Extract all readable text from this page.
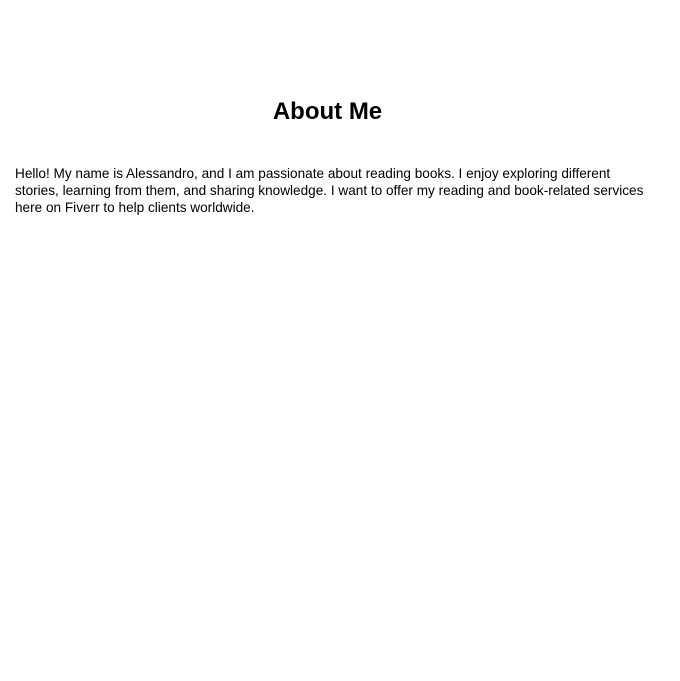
About Me

Hello! My name is Alessandro, and I am passionate about reading books. I enjoy exploring different stories, learning from them, and sharing knowledge. I want to offer my reading and book-related services here on Fiverr to help clients worldwide.
